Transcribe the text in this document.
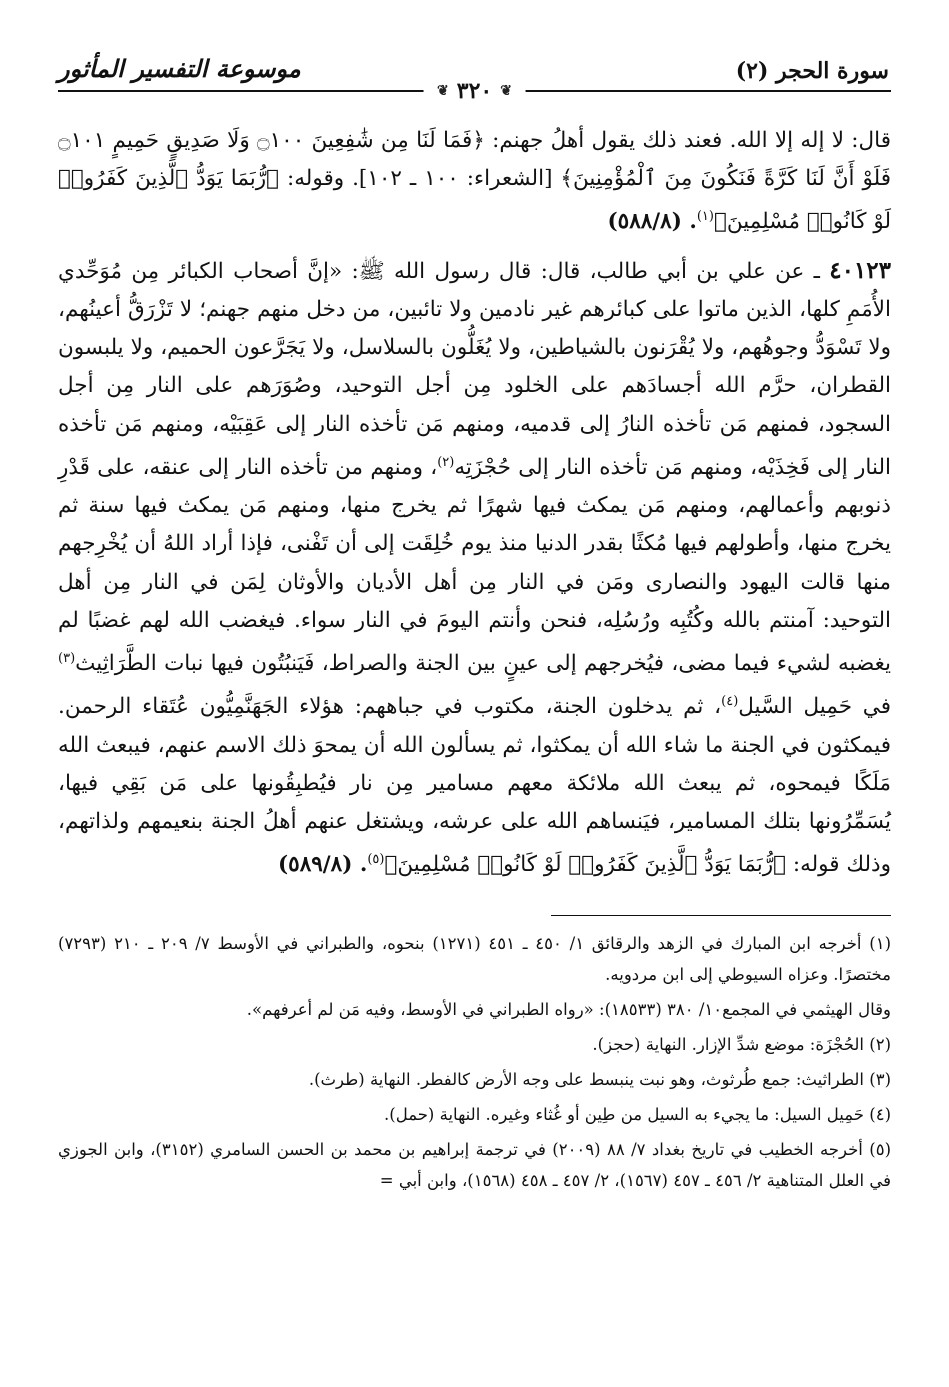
سورة الحجر (٢)
موسوعة التفسير المأثور
❦
٣٢٠
❦

قال: لا إله إلا الله. فعند ذلك يقول أهلُ جهنم: ﴿فَمَا لَنَا مِن شَٰفِعِينَ ۝١٠٠ وَلَا صَدِيقٍ حَمِيمٍ ۝١٠١ فَلَوْ أَنَّ لَنَا كَرَّةً فَنَكُونَ مِنَ ٱلْمُؤْمِنِينَ﴾ [الشعراء: ١٠٠ ـ ١٠٢]. وقوله: ﴿رُّبَمَا يَوَدُّ ٱلَّذِينَ كَفَرُوا۟ لَوْ كَانُوا۟ مُسْلِمِينَ﴾$^{(١)}$. (٥٨٨/٨)

٤٠١٢٣ ـ عن علي بن أبي طالب، قال: قال رسول الله ﷺ: «إنَّ أصحاب الكبائر مِن مُوَحِّدي الأُمَمِ كلها، الذين ماتوا على كبائرهم غير نادمين ولا تائبين، من دخل منهم جهنم؛ لا تَزْرَقُّ أعينُهم، ولا تَسْوَدُّ وجوهُهم، ولا يُقْرَنون بالشياطين، ولا يُغَلُّون بالسلاسل، ولا يَجَرَّعون الحميم، ولا يلبسون القطران، حرَّم الله أجسادَهم على الخلود مِن أجل التوحيد، وصُوَرَهم على النار مِن أجل السجود، فمنهم مَن تأخذه النارُ إلى قدميه، ومنهم مَن تأخذه النار إلى عَقِبَيْه، ومنهم مَن تأخذه النار إلى فَخِذَيْه، ومنهم مَن تأخذه النار إلى حُجْزَتِه$^{(٢)}$، ومنهم من تأخذه النار إلى عنقه، على قَدْرِ ذنوبهم وأعمالهم، ومنهم مَن يمكث فيها شهرًا ثم يخرج منها، ومنهم مَن يمكث فيها سنة ثم يخرج منها، وأطولهم فيها مُكثًا بقدر الدنيا منذ يوم خُلِقَت إلى أن تَفْنى، فإذا أراد اللهُ أن يُخْرِجهم منها قالت اليهود والنصارى ومَن في النار مِن أهل الأديان والأوثان لِمَن في النار مِن أهل التوحيد: آمنتم بالله وكُتُبِه ورُسُلِه، فنحن وأنتم اليومَ في النار سواء. فيغضب الله لهم غضبًا لم يغضبه لشيء فيما مضى، فيُخرجهم إلى عينٍ بين الجنة والصراط، فَيَنبُتُون فيها نبات الطَّرَاثِيث$^{(٣)}$ في حَمِيل السَّيل$^{(٤)}$، ثم يدخلون الجنة، مكتوب في جباههم: هؤلاء الجَهَنَّمِيُّون عُتَقاء الرحمن. فيمكثون في الجنة ما شاء الله أن يمكثوا، ثم يسألون الله أن يمحوَ ذلك الاسم عنهم، فيبعث الله مَلَكًا فيمحوه، ثم يبعث الله ملائكة معهم مسامير مِن نار فيُطبِقُونها على مَن بَقِي فيها، يُسَمِّرُونها بتلك المسامير، فيَنساهم الله على عرشه، ويشتغل عنهم أهلُ الجنة بنعيمهم ولذاتهم، وذلك قوله: ﴿رُّبَمَا يَوَدُّ ٱلَّذِينَ كَفَرُوا۟ لَوْ كَانُوا۟ مُسْلِمِينَ﴾$^{(٥)}$. (٥٨٩/٨)

(١) أخرجه ابن المبارك في الزهد والرقائق ١/ ٤٥٠ ـ ٤٥١ (١٢٧١) بنحوه، والطبراني في الأوسط ٧/ ٢٠٩ ـ ٢١٠ (٧٢٩٣) مختصرًا. وعزاه السيوطي إلى ابن مردويه.

وقال الهيثمي في المجمع١٠/ ٣٨٠ (١٨٥٣٣): «رواه الطبراني في الأوسط، وفيه مَن لم أعرفهم».

(٢) الحُجْزَة: موضع شدِّ الإزار. النهاية (حجز).

(٣) الطراثيث: جمع طُرثوث، وهو نبت ينبسط على وجه الأرض كالفطر. النهاية (طرث).

(٤) حَمِيل السيل: ما يجيء به السيل من طِين أو غُثاء وغيره. النهاية (حمل).

(٥) أخرجه الخطيب في تاريخ بغداد ٧/ ٨٨ (٢٠٠٩) في ترجمة إبراهيم بن محمد بن الحسن السامري (٣١٥٢)، وابن الجوزي في العلل المتناهية ٢/ ٤٥٦ ـ ٤٥٧ (١٥٦٧)، ٢/ ٤٥٧ ـ ٤٥٨ (١٥٦٨)، وابن أبي =
